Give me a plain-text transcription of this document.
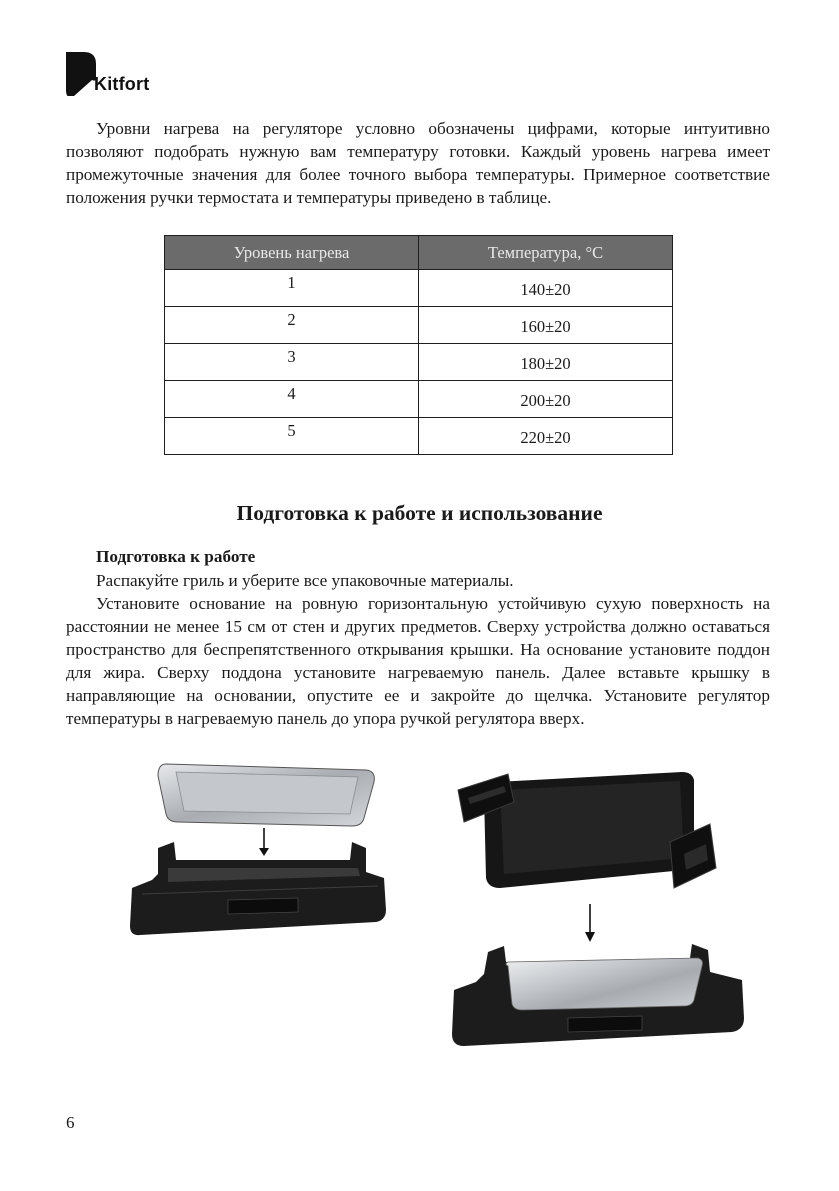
Kitfort

Уровни нагрева на регуляторе условно обозначены цифрами, которые интуитивно позволяют подобрать нужную вам температуру готовки. Каждый уровень нагрева имеет промежуточные значения для более точного выбора температуры. Примерное соответствие положения ручки термостата и температуры приведено в таблице.

Уровень нагрева	Температура, °C
1	140±20
2	160±20
3	180±20
4	200±20
5	220±20
Подготовка к работе и использование
Подготовка к работе

Распакуйте гриль и уберите все упаковочные материалы.

Установите основание на ровную горизонтальную устойчивую сухую поверхность на расстоянии не менее 15 см от стен и других предметов. Сверху устройства должно оставаться пространство для беспрепятственного открывания крышки. На основание установите поддон для жира. Сверху поддона установите нагреваемую панель. Далее вставьте крышку в направляющие на основании, опустите ее и закройте до щелчка. Установите регулятор температуры в нагреваемую панель до упора ручкой регулятора вверх.

6
